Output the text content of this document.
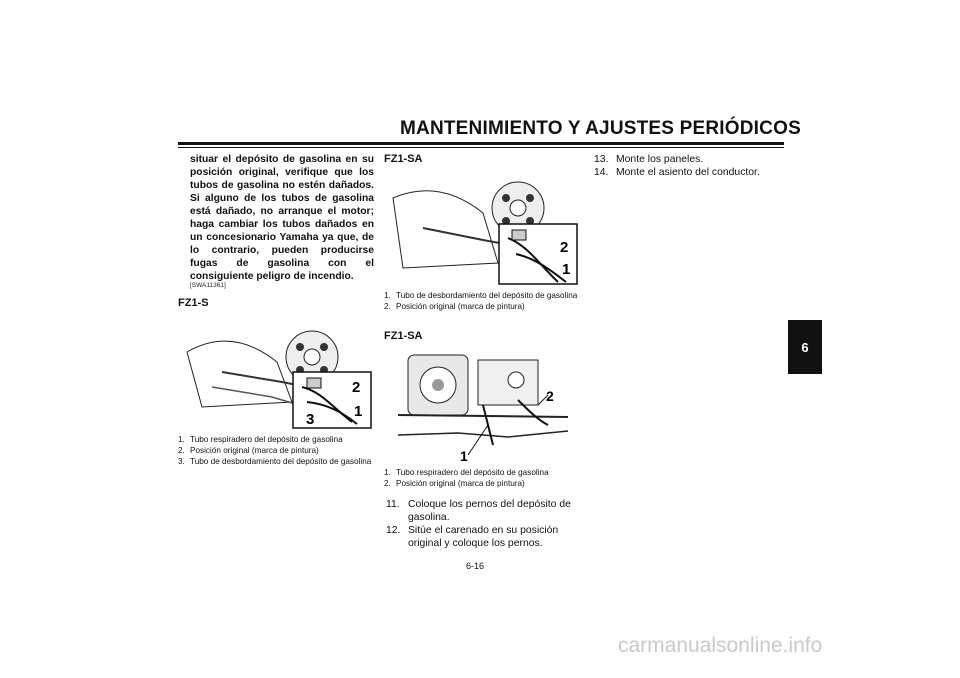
MANTENIMIENTO Y AJUSTES PERIÓDICOS
6
situar el depósito de gasolina en su posición original, verifique que los tubos de gasolina no estén dañados. Si alguno de los tubos de gasolina está dañado, no arranque el motor; haga cambiar los tubos dañados en un concesionario Yamaha ya que, de lo contrario, pueden producirse fugas de gasolina con el consiguiente peligro de incendio.
[SWA11361]
FZ1-S
2
1
3
1. Tubo respiradero del depósito de gasolina
2. Posición original (marca de pintura)
3. Tubo de desbordamiento del depósito de gasolina
FZ1-SA
2
1
1. Tubo de desbordamiento del depósito de gasolina
2. Posición original (marca de pintura)
FZ1-SA
2
1
1. Tubo respiradero del depósito de gasolina
2. Posición original (marca de pintura)
11. Coloque los pernos del depósito de gasolina.
12. Sitúe el carenado en su posición original y coloque los pernos.
13. Monte los paneles.
14. Monte el asiento del conductor.
6-16
carmanualsonline.info
